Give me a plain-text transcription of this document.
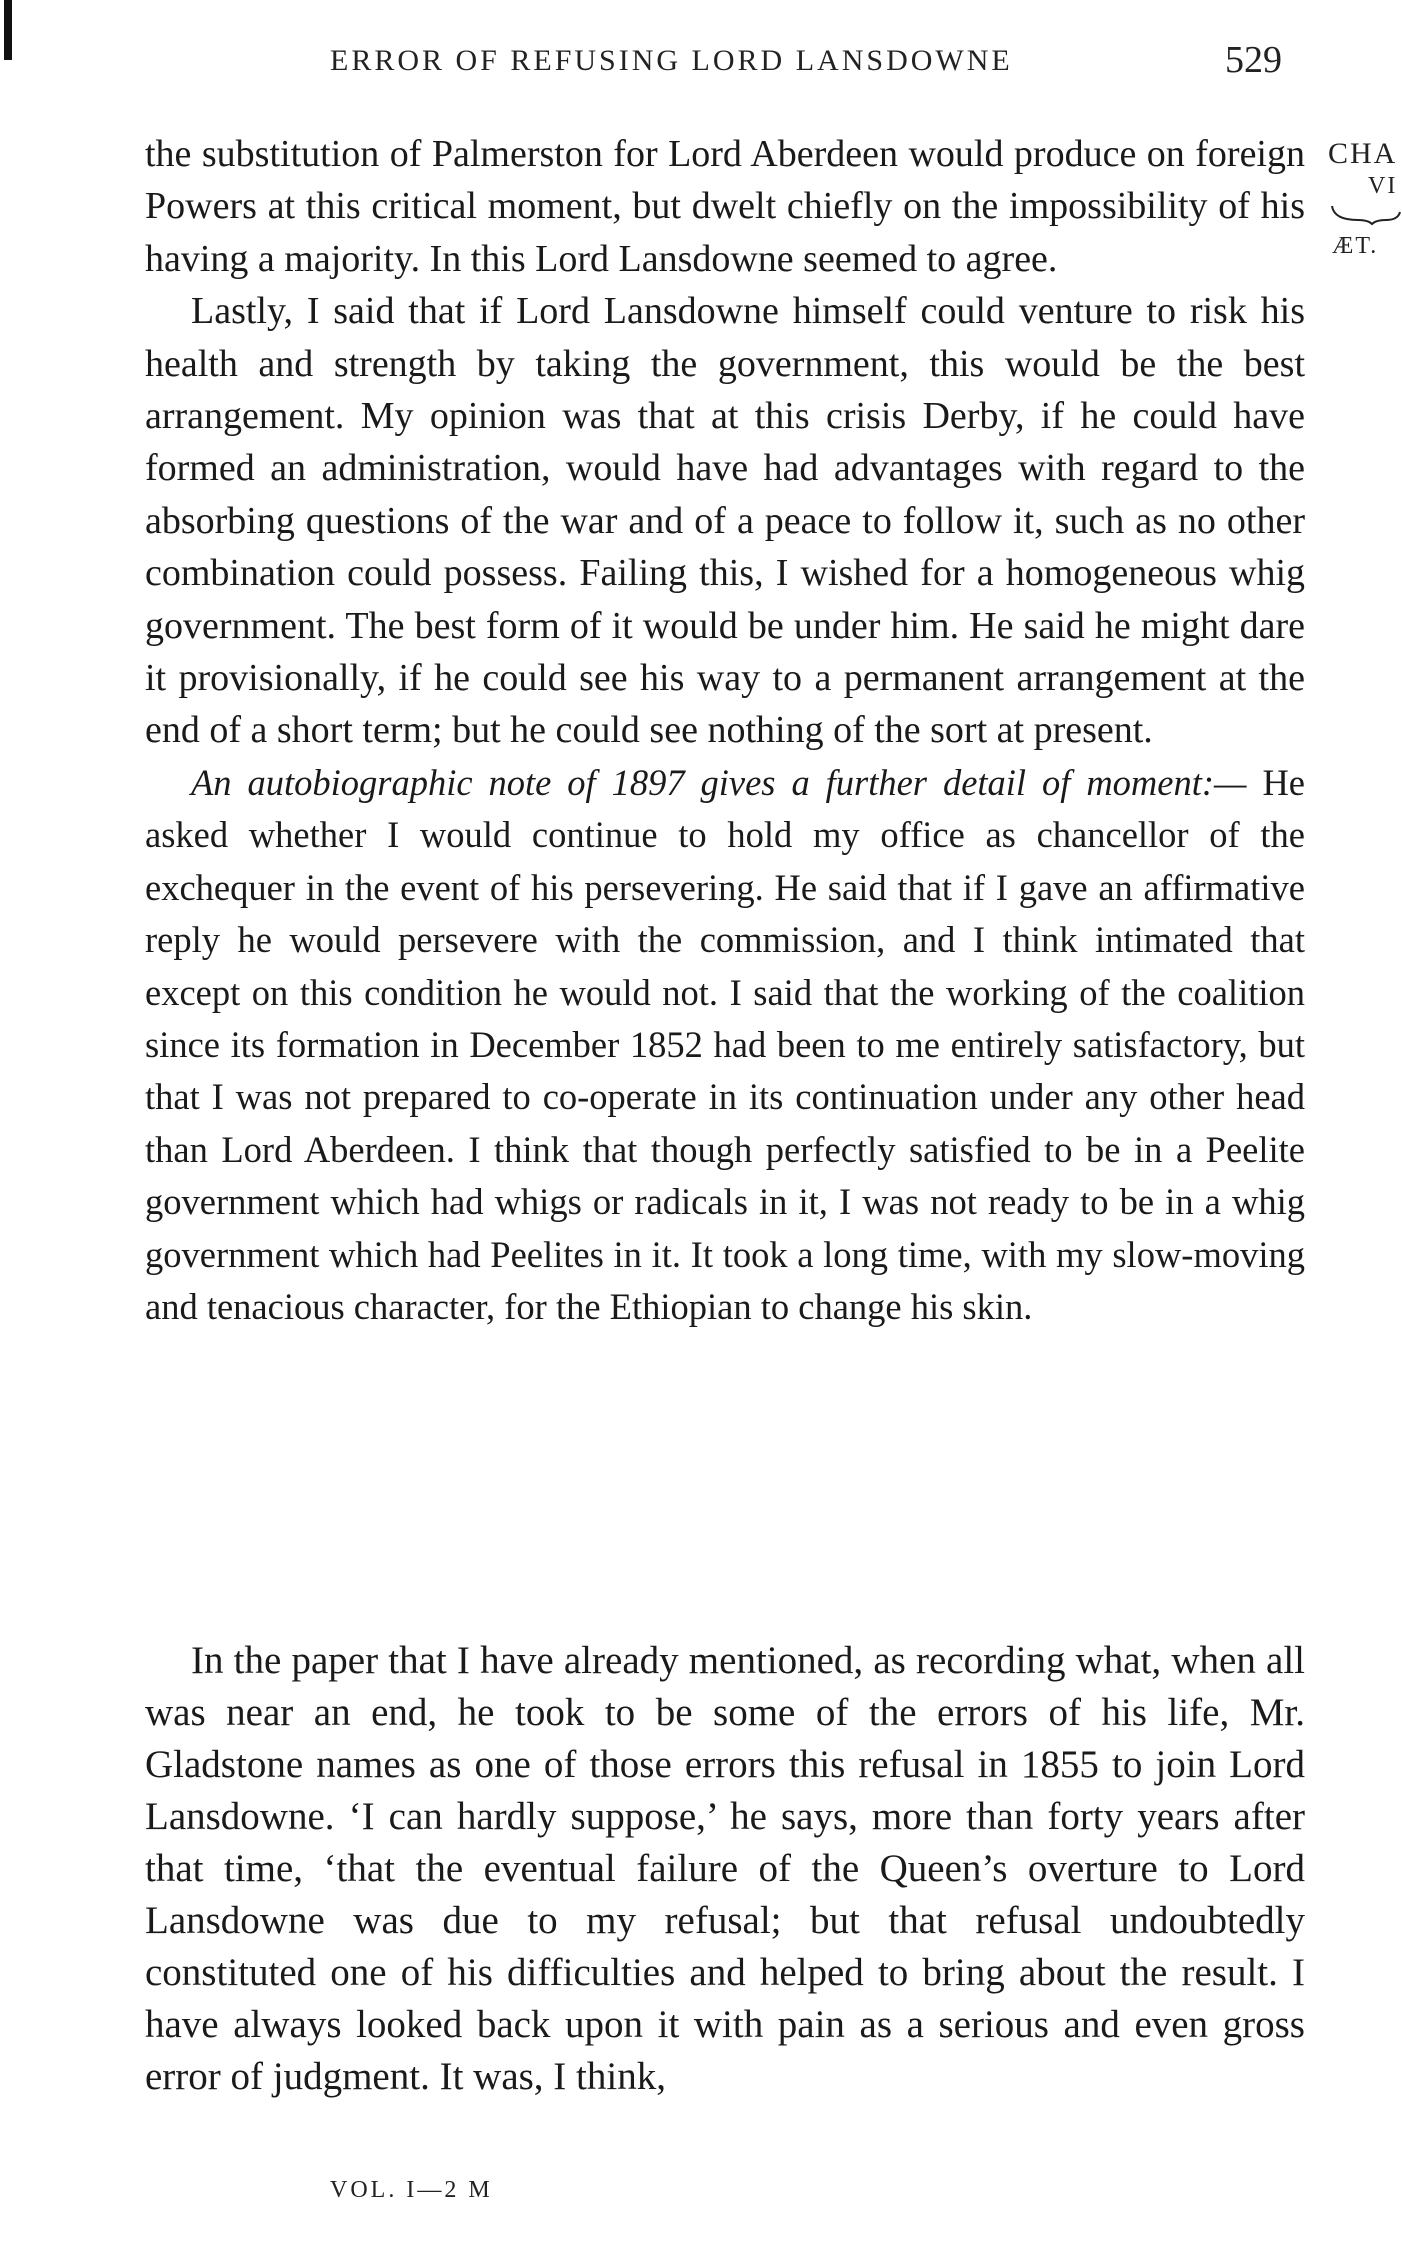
ERROR OF REFUSING LORD LANSDOWNE	529
CHA
VI
ÆT.

the substitution of Palmerston for Lord Aberdeen would produce on foreign Powers at this critical moment, but dwelt chiefly on the impossibility of his having a majority. In this Lord Lansdowne seemed to agree.

Lastly, I said that if Lord Lansdowne himself could venture to risk his health and strength by taking the government, this would be the best arrangement. My opinion was that at this crisis Derby, if he could have formed an administration, would have had advantages with regard to the absorbing questions of the war and of a peace to follow it, such as no other combination could possess. Failing this, I wished for a homogeneous whig government. The best form of it would be under him. He said he might dare it provisionally, if he could see his way to a permanent arrangement at the end of a short term; but he could see nothing of the sort at present.

An autobiographic note of 1897 gives a further detail of moment:— He asked whether I would continue to hold my office as chancellor of the exchequer in the event of his persevering. He said that if I gave an affirmative reply he would persevere with the commission, and I think intimated that except on this condition he would not. I said that the working of the coalition since its formation in December 1852 had been to me entirely satisfactory, but that I was not prepared to co-operate in its continuation under any other head than Lord Aberdeen. I think that though perfectly satisfied to be in a Peelite government which had whigs or radicals in it, I was not ready to be in a whig government which had Peelites in it. It took a long time, with my slow-moving and tenacious character, for the Ethiopian to change his skin.

In the paper that I have already mentioned, as recording what, when all was near an end, he took to be some of the errors of his life, Mr. Gladstone names as one of those errors this refusal in 1855 to join Lord Lansdowne. ‘I can hardly suppose,’ he says, more than forty years after that time, ‘that the eventual failure of the Queen’s overture to Lord Lansdowne was due to my refusal; but that refusal undoubtedly constituted one of his difficulties and helped to bring about the result. I have always looked back upon it with pain as a serious and even gross error of judgment. It was, I think,

VOL. I—2 M
